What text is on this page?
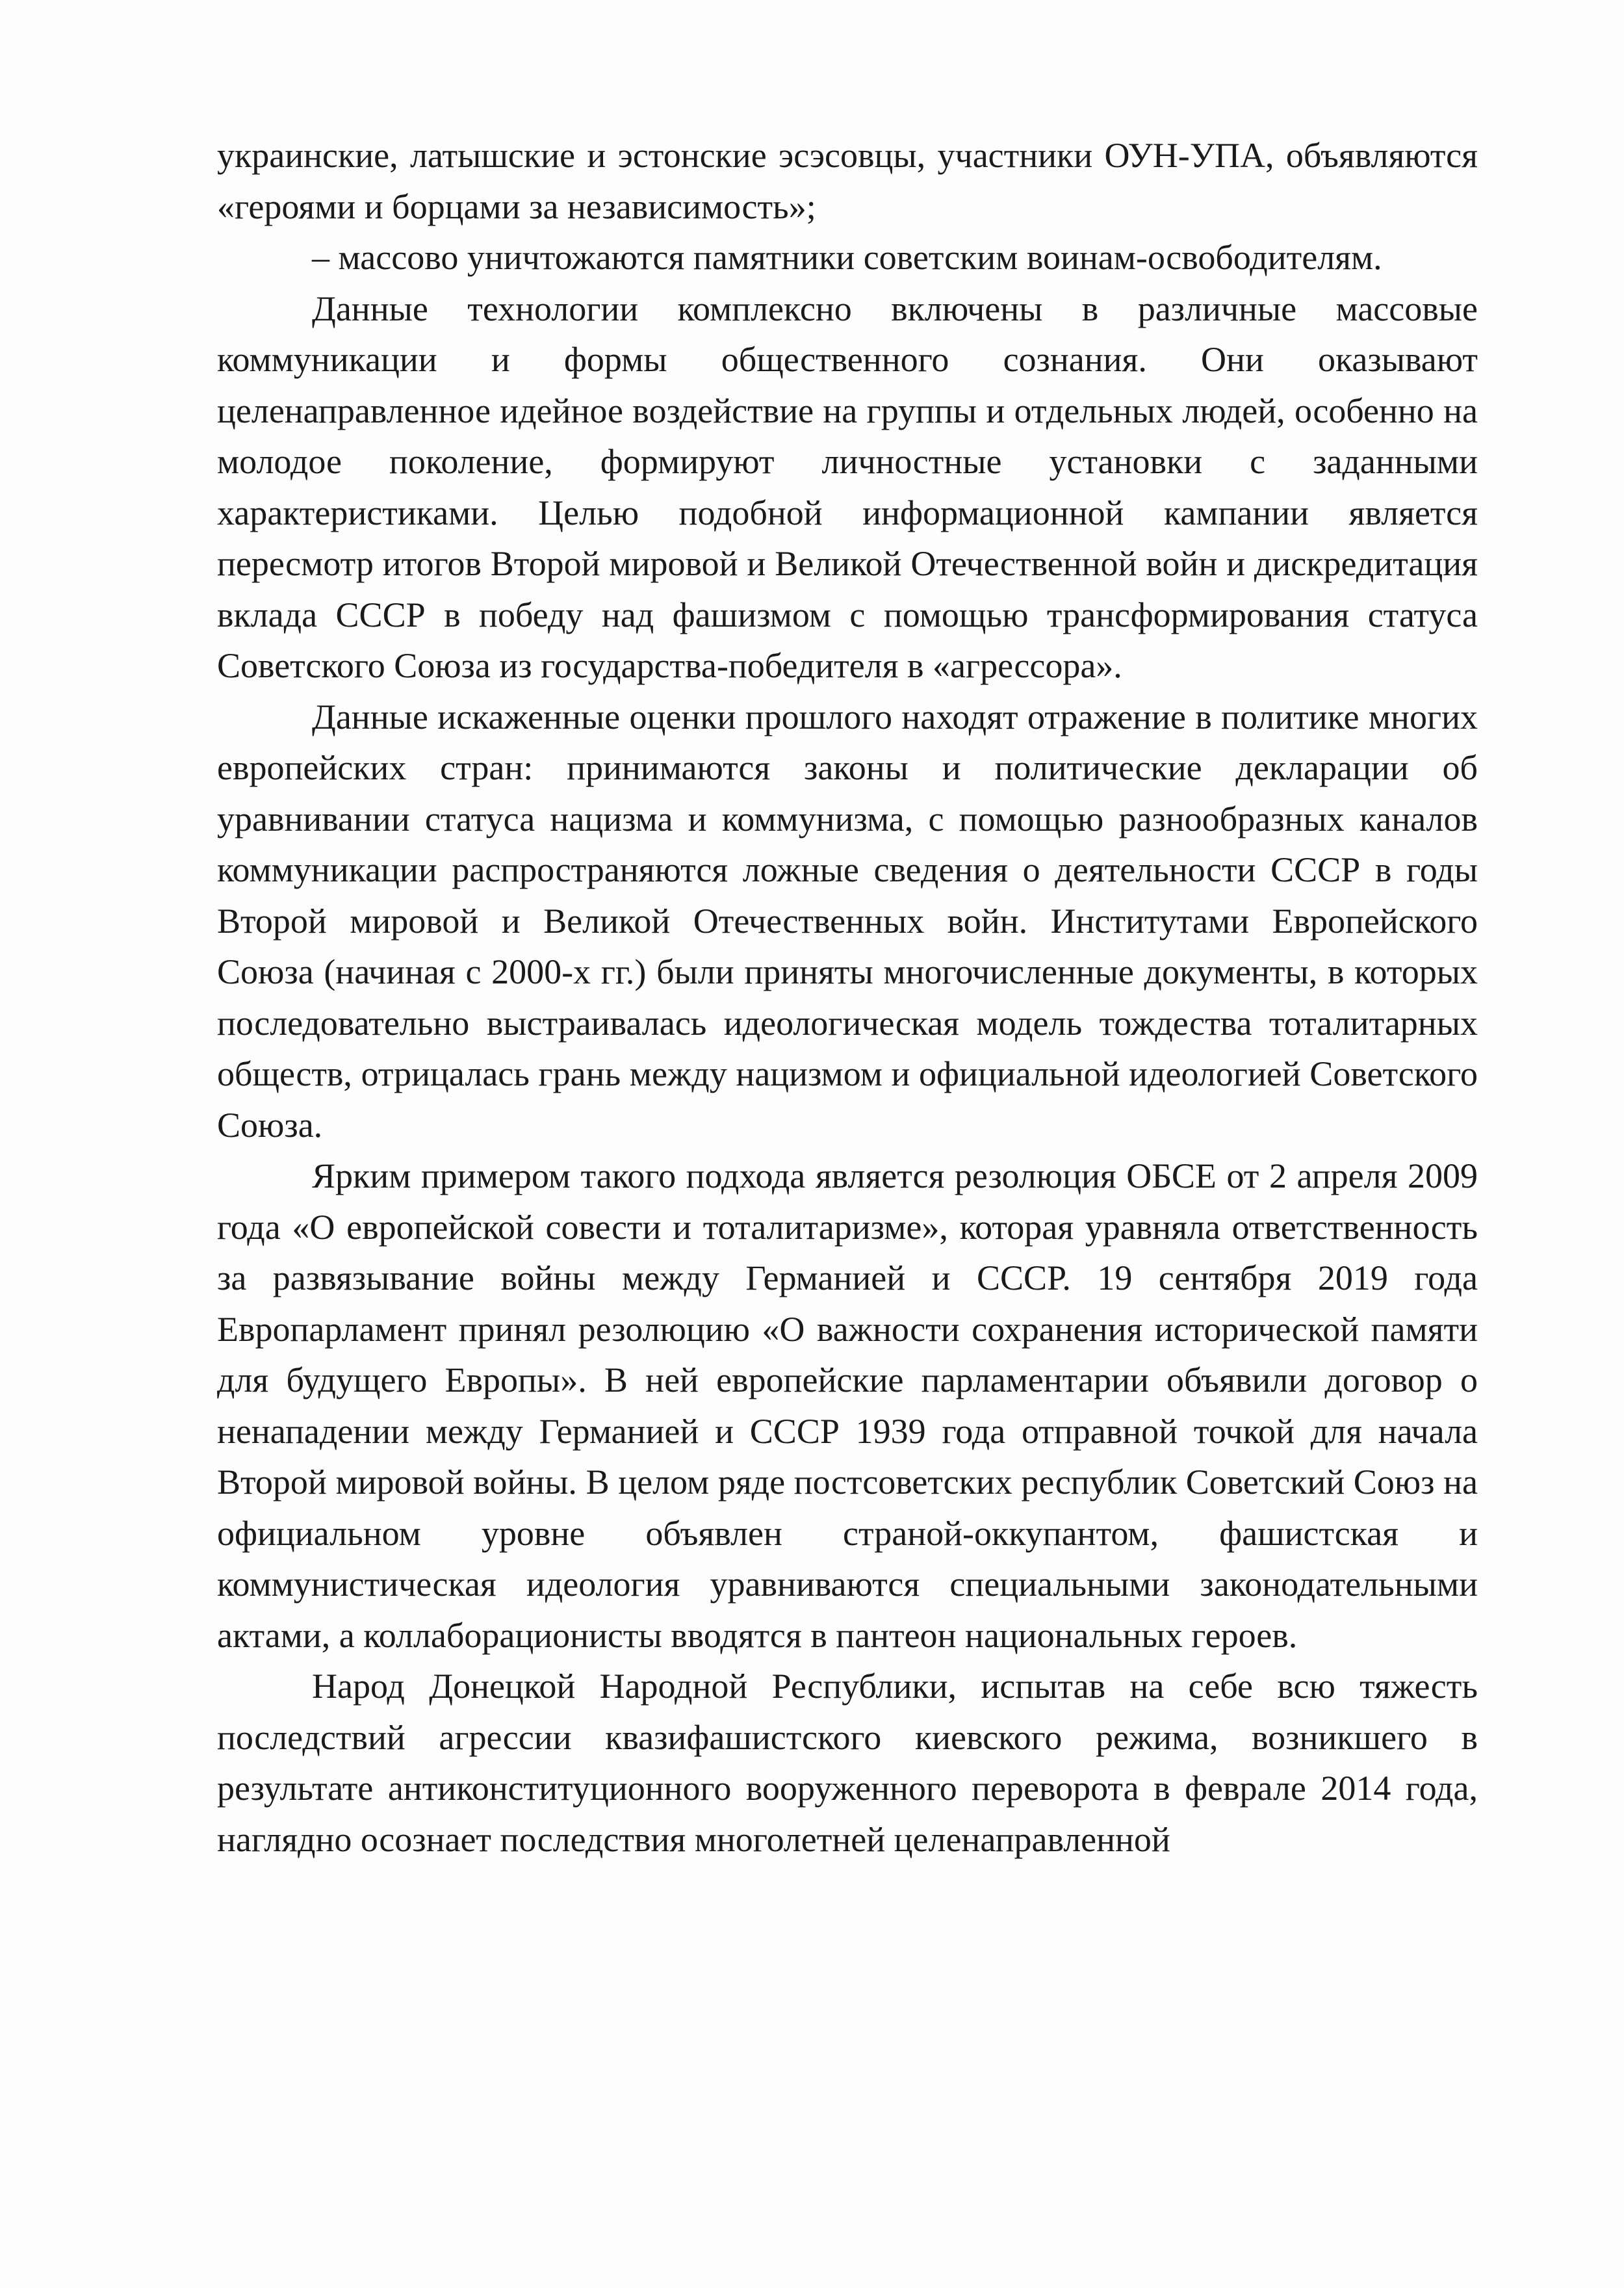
украинские, латышские и эстонские эсэсовцы, участники ОУН-УПА, объявляются «героями и борцами за независимость»;

– массово уничтожаются памятники советским воинам-освободителям.

Данные технологии комплексно включены в различные массовые коммуникации и формы общественного сознания. Они оказывают целенаправленное идейное воздействие на группы и отдельных людей, особенно на молодое поколение, формируют личностные установки с заданными характеристиками. Целью подобной информационной кампании является пересмотр итогов Второй мировой и Великой Отечественной войн и дискредитация вклада СССР в победу над фашизмом с помощью трансформирования статуса Советского Союза из государства-победителя в «агрессора».

Данные искаженные оценки прошлого находят отражение в политике многих европейских стран: принимаются законы и политические декларации об уравнивании статуса нацизма и коммунизма, с помощью разнообразных каналов коммуникации распространяются ложные сведения о деятельности СССР в годы Второй мировой и Великой Отечественных войн. Институтами Европейского Союза (начиная с 2000-х гг.) были приняты многочисленные документы, в которых последовательно выстраивалась идеологическая модель тождества тоталитарных обществ, отрицалась грань между нацизмом и официальной идеологией Советского Союза.

Ярким примером такого подхода является резолюция ОБСЕ от 2 апреля 2009 года «О европейской совести и тоталитаризме», которая уравняла ответственность за развязывание войны между Германией и СССР. 19 сентября 2019 года Европарламент принял резолюцию «О важности сохранения исторической памяти для будущего Европы». В ней европейские парламентарии объявили договор о ненападении между Германией и СССР 1939 года отправной точкой для начала Второй мировой войны. В целом ряде постсоветских республик Советский Союз на официальном уровне объявлен страной-оккупантом, фашистская и коммунистическая идеология уравниваются специальными законодательными актами, а коллаборационисты вводятся в пантеон национальных героев.

Народ Донецкой Народной Республики, испытав на себе всю тяжесть последствий агрессии квазифашистского киевского режима, возникшего в результате антиконституционного вооруженного переворота в феврале 2014 года, наглядно осознает последствия многолетней целенаправленной
